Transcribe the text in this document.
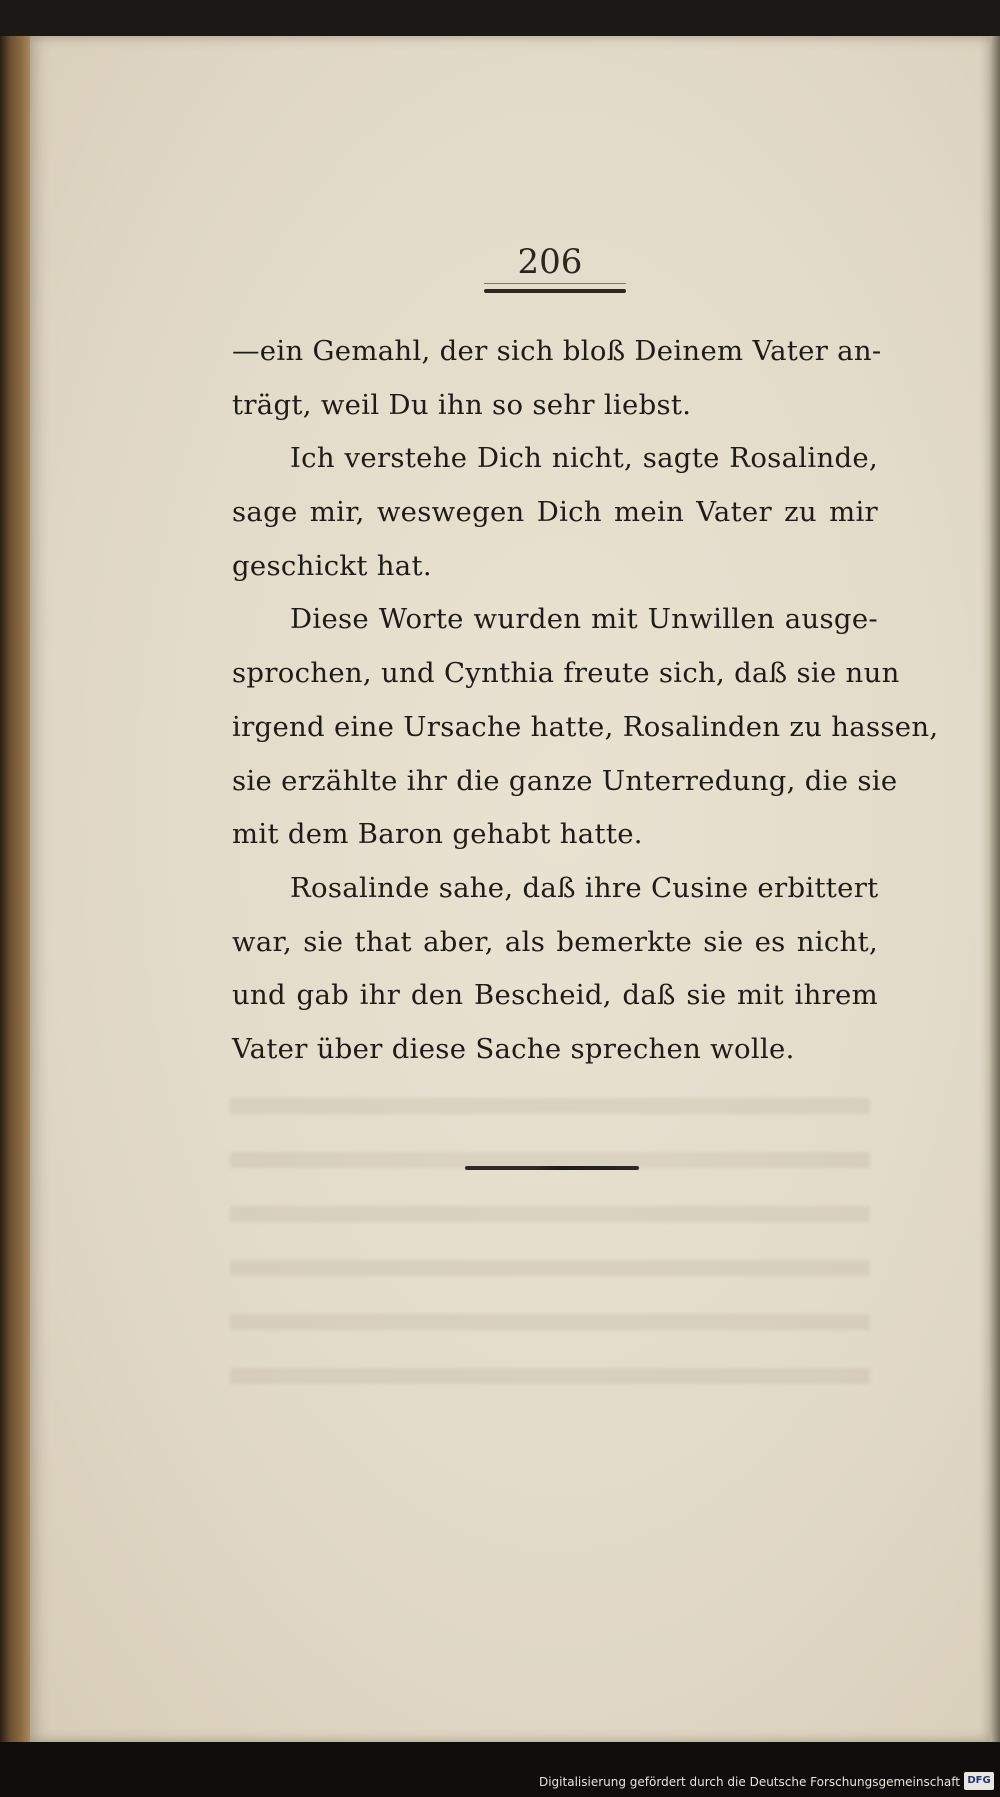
206
—ein Gemahl, der sich bloß Deinem Vater an-
trägt, weil Du ihn so sehr liebst.
Ich verstehe Dich nicht, sagte Rosalinde,
sage mir, weswegen Dich mein Vater zu mir
geschickt hat.
Diese Worte wurden mit Unwillen ausge-
sprochen, und Cynthia freute sich, daß sie nun
irgend eine Ursache hatte, Rosalinden zu hassen,
sie erzählte ihr die ganze Unterredung, die sie
mit dem Baron gehabt hatte.
Rosalinde sahe, daß ihre Cusine erbittert
war, sie that aber, als bemerkte sie es nicht,
und gab ihr den Bescheid, daß sie mit ihrem
Vater über diese Sache sprechen wolle.
Digitalisierung gefördert durch die Deutsche Forschungsgemeinschaft DFG
